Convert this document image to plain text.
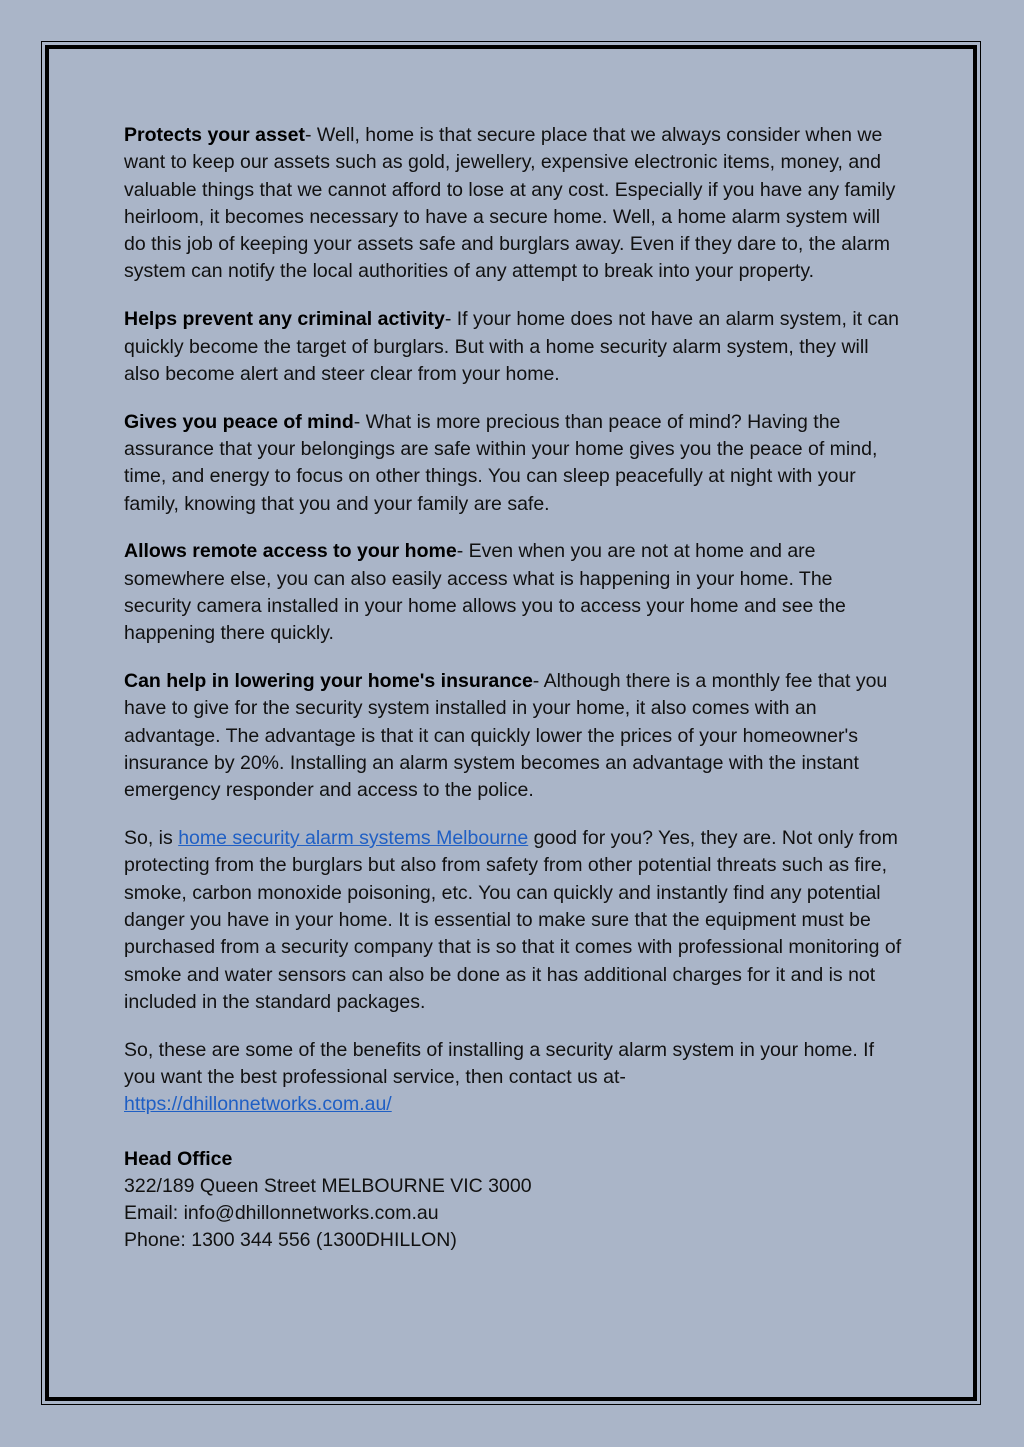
Protects your asset- Well, home is that secure place that we always consider when we want to keep our assets such as gold, jewellery, expensive electronic items, money, and valuable things that we cannot afford to lose at any cost. Especially if you have any family heirloom, it becomes necessary to have a secure home. Well, a home alarm system will do this job of keeping your assets safe and burglars away. Even if they dare to, the alarm system can notify the local authorities of any attempt to break into your property.

Helps prevent any criminal activity- If your home does not have an alarm system, it can quickly become the target of burglars. But with a home security alarm system, they will also become alert and steer clear from your home.

Gives you peace of mind- What is more precious than peace of mind? Having the assurance that your belongings are safe within your home gives you the peace of mind, time, and energy to focus on other things. You can sleep peacefully at night with your family, knowing that you and your family are safe.

Allows remote access to your home- Even when you are not at home and are somewhere else, you can also easily access what is happening in your home. The security camera installed in your home allows you to access your home and see the happening there quickly.

Can help in lowering your home's insurance- Although there is a monthly fee that you have to give for the security system installed in your home, it also comes with an advantage. The advantage is that it can quickly lower the prices of your homeowner's insurance by 20%. Installing an alarm system becomes an advantage with the instant emergency responder and access to the police.

So, is home security alarm systems Melbourne good for you? Yes, they are. Not only from protecting from the burglars but also from safety from other potential threats such as fire, smoke, carbon monoxide poisoning, etc. You can quickly and instantly find any potential danger you have in your home. It is essential to make sure that the equipment must be purchased from a security company that is so that it comes with professional monitoring of smoke and water sensors can also be done as it has additional charges for it and is not included in the standard packages.

So, these are some of the benefits of installing a security alarm system in your home. If you want the best professional service, then contact us at-
https://dhillonnetworks.com.au/

Head Office
322/189 Queen Street MELBOURNE VIC 3000
Email: info@dhillonnetworks.com.au
Phone: 1300 344 556 (1300DHILLON)
